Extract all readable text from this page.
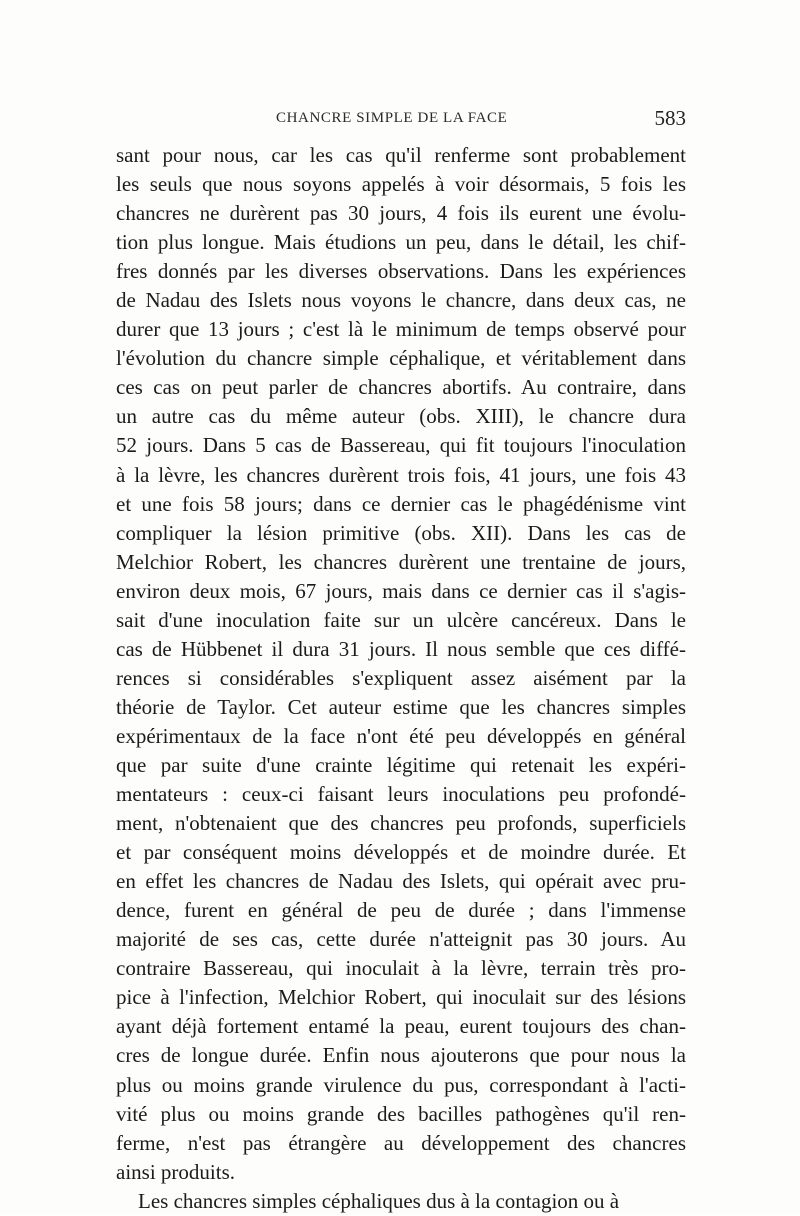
CHANCRE SIMPLE DE LA FACE	583
sant pour nous, car les cas qu'il renferme sont probablement
les seuls que nous soyons appelés à voir désormais, 5 fois les
chancres ne durèrent pas 30 jours, 4 fois ils eurent une évolu-
tion plus longue. Mais étudions un peu, dans le détail, les chif-
fres donnés par les diverses observations. Dans les expériences
de Nadau des Islets nous voyons le chancre, dans deux cas, ne
durer que 13 jours ; c'est là le minimum de temps observé pour
l'évolution du chancre simple céphalique, et véritablement dans
ces cas on peut parler de chancres abortifs. Au contraire, dans
un autre cas du même auteur (obs. XIII), le chancre dura
52 jours. Dans 5 cas de Bassereau, qui fit toujours l'inoculation
à la lèvre, les chancres durèrent trois fois, 41 jours, une fois 43
et une fois 58 jours; dans ce dernier cas le phagédénisme vint
compliquer la lésion primitive (obs. XII). Dans les cas de
Melchior Robert, les chancres durèrent une trentaine de jours,
environ deux mois, 67 jours, mais dans ce dernier cas il s'agis-
sait d'une inoculation faite sur un ulcère cancéreux. Dans le
cas de Hübbenet il dura 31 jours. Il nous semble que ces diffé-
rences si considérables s'expliquent assez aisément par la
théorie de Taylor. Cet auteur estime que les chancres simples
expérimentaux de la face n'ont été peu développés en général
que par suite d'une crainte légitime qui retenait les expéri-
mentateurs : ceux-ci faisant leurs inoculations peu profondé-
ment, n'obtenaient que des chancres peu profonds, superficiels
et par conséquent moins développés et de moindre durée. Et
en effet les chancres de Nadau des Islets, qui opérait avec pru-
dence, furent en général de peu de durée ; dans l'immense
majorité de ses cas, cette durée n'atteignit pas 30 jours. Au
contraire Bassereau, qui inoculait à la lèvre, terrain très pro-
pice à l'infection, Melchior Robert, qui inoculait sur des lésions
ayant déjà fortement entamé la peau, eurent toujours des chan-
cres de longue durée. Enfin nous ajouterons que pour nous la
plus ou moins grande virulence du pus, correspondant à l'acti-
vité plus ou moins grande des bacilles pathogènes qu'il ren-
ferme, n'est pas étrangère au développement des chancres
ainsi produits.
Les chancres simples céphaliques dus à la contagion ou à
